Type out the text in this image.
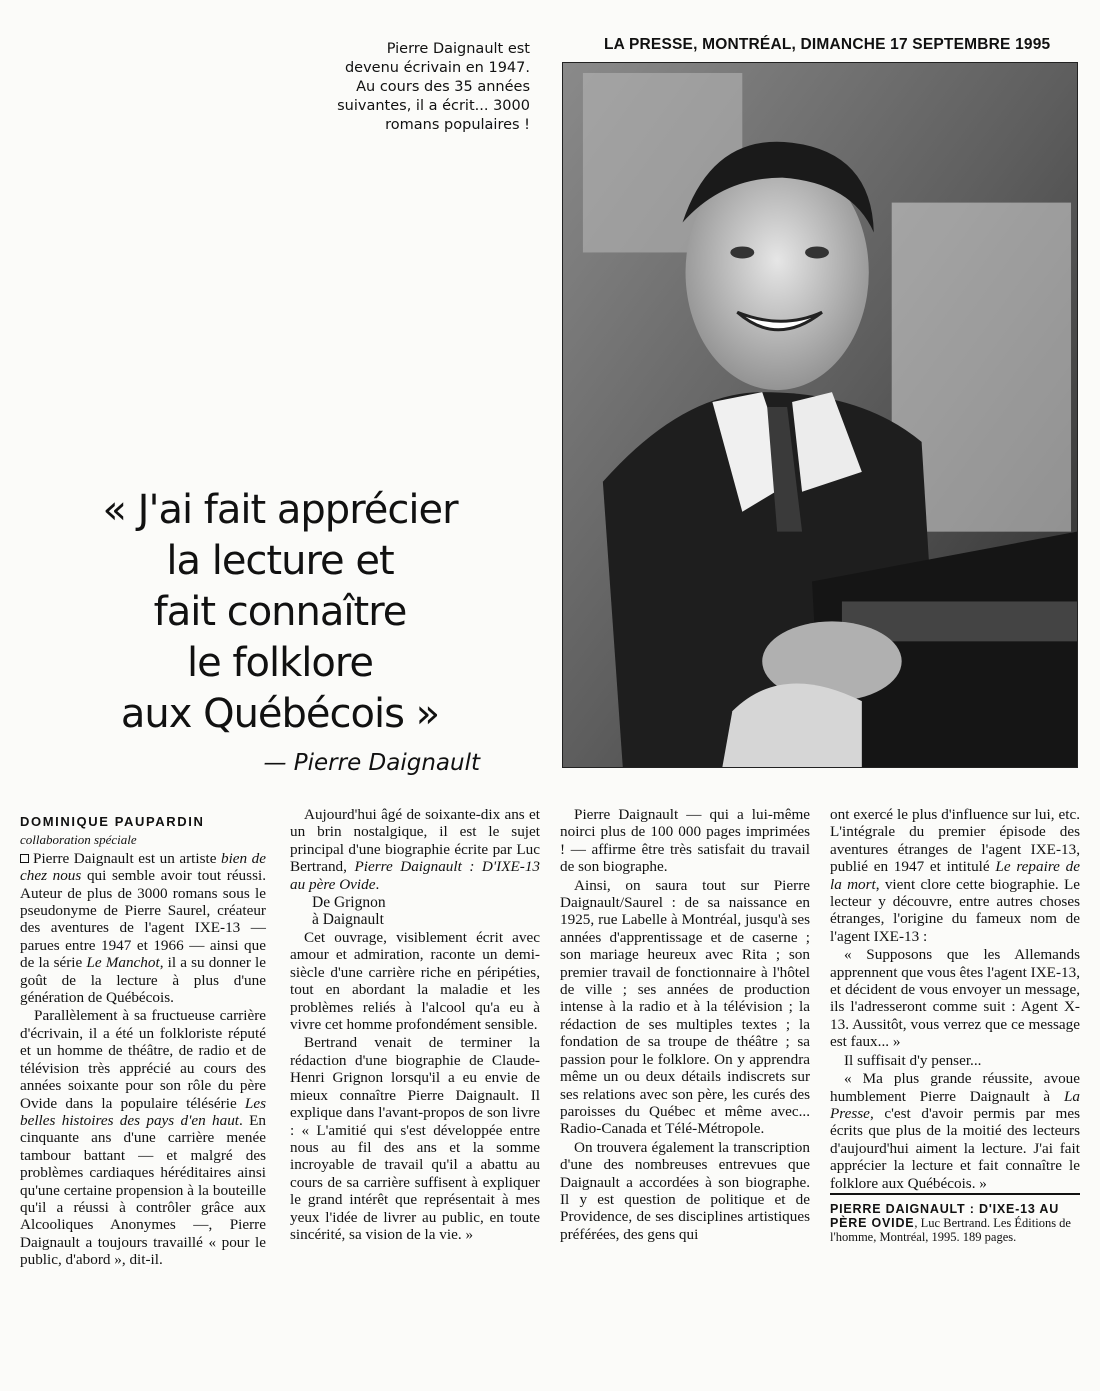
Pierre Daignault est
devenu écrivain en 1947.
Au cours des 35 années
suivantes, il a écrit... 3000
romans populaires !
LA PRESSE, MONTRÉAL, DIMANCHE 17 SEPTEMBRE 1995
« J'ai fait apprécier
la lecture et
fait connaître
le folklore
aux Québécois »
— Pierre Daignault

DOMINIQUE PAUPARDIN

collaboration spéciale

Pierre Daignault est un artiste bien de chez nous qui semble avoir tout réussi. Auteur de plus de 3000 romans sous le pseudonyme de Pierre Saurel, créateur des aventures de l'agent IXE-13 — parues entre 1947 et 1966 — ainsi que de la série Le Manchot, il a su donner le goût de la lecture à plus d'une génération de Québécois.

Parallèlement à sa fructueuse carrière d'écrivain, il a été un folkloriste réputé et un homme de théâtre, de radio et de télévision très apprécié au cours des années soixante pour son rôle du père Ovide dans la populaire télésérie Les belles histoires des pays d'en haut. En cinquante ans d'une carrière menée tambour battant — et malgré des problèmes cardiaques héréditaires ainsi qu'une certaine propension à la bouteille qu'il a réussi à contrôler grâce aux Alcooliques Anonymes —, Pierre Daignault a toujours travaillé « pour le public, d'abord », dit-il.

Aujourd'hui âgé de soixante-dix ans et un brin nostalgique, il est le sujet principal d'une biographie écrite par Luc Bertrand, Pierre Daignault : D'IXE-13 au père Ovide.

De Grignon
à Daignault

Cet ouvrage, visiblement écrit avec amour et admiration, raconte un demi-siècle d'une carrière riche en péripéties, tout en abordant la maladie et les problèmes reliés à l'alcool qu'a eu à vivre cet homme profondément sensible.

Bertrand venait de terminer la rédaction d'une biographie de Claude-Henri Grignon lorsqu'il a eu envie de mieux connaître Pierre Daignault. Il explique dans l'avant-propos de son livre : « L'amitié qui s'est développée entre nous au fil des ans et la somme incroyable de travail qu'il a abattu au cours de sa carrière suffisent à expliquer le grand intérêt que représentait à mes yeux l'idée de livrer au public, en toute sincérité, sa vision de la vie. »

Pierre Daignault — qui a lui-même noirci plus de 100 000 pages imprimées ! — affirme être très satisfait du travail de son biographe.

Ainsi, on saura tout sur Pierre Daignault/Saurel : de sa naissance en 1925, rue Labelle à Montréal, jusqu'à ses années d'apprentissage et de caserne ; son mariage heureux avec Rita ; son premier travail de fonctionnaire à l'hôtel de ville ; ses années de production intense à la radio et à la télévision ; la rédaction de ses multiples textes ; la fondation de sa troupe de théâtre ; sa passion pour le folklore. On y apprendra même un ou deux détails indiscrets sur ses relations avec son père, les curés des paroisses du Québec et même avec... Radio-Canada et Télé-Métropole.

On trouvera également la transcription d'une des nombreuses entrevues que Daignault a accordées à son biographe. Il y est question de politique et de Providence, de ses disciplines artistiques préférées, des gens qui

ont exercé le plus d'influence sur lui, etc. L'intégrale du premier épisode des aventures étranges de l'agent IXE-13, publié en 1947 et intitulé Le repaire de la mort, vient clore cette biographie. Le lecteur y découvre, entre autres choses étranges, l'origine du fameux nom de l'agent IXE-13 :

« Supposons que les Allemands apprennent que vous êtes l'agent IXE-13, et décident de vous envoyer un message, ils l'adresseront comme suit : Agent X-13. Aussitôt, vous verrez que ce message est faux... »

Il suffisait d'y penser...

« Ma plus grande réussite, avoue humblement Pierre Daignault à La Presse, c'est d'avoir permis par mes écrits que plus de la moitié des lecteurs d'aujourd'hui aiment la lecture. J'ai fait apprécier la lecture et fait connaître le folklore aux Québécois. »

PIERRE DAIGNAULT : D'IXE-13 AU PÈRE OVIDE, Luc Bertrand. Les Éditions de l'homme, Montréal, 1995. 189 pages.
